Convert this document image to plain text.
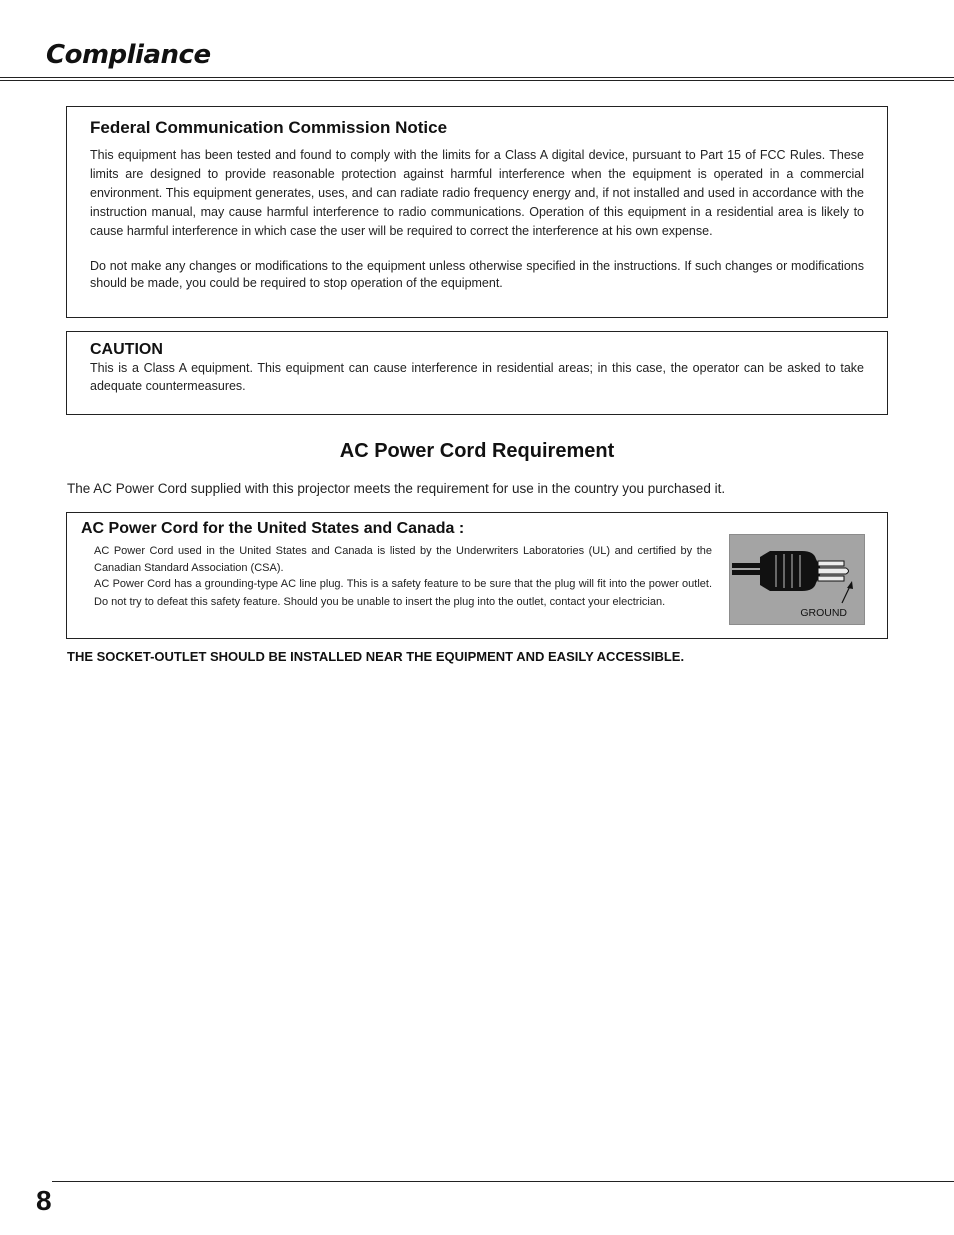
Compliance
Federal Communication Commission Notice
This equipment has been tested and found to comply with the limits for a Class A digital device, pursuant to Part 15 of FCC Rules. These limits are designed to provide reasonable protection against harmful interference when the equipment is operated in a commercial environment. This equipment generates, uses, and can radiate radio frequency energy and, if not installed and used in accordance with the instruction manual, may cause harmful interference to radio communications. Operation of this equipment in a residential area is likely to cause harmful interference in which case the user will be required to correct the interference at his own expense.
Do not make any changes or modifications to the equipment unless otherwise specified in the instructions. If such changes or modifications should be made, you could be required to stop operation of the equipment.
CAUTION
This is a Class A equipment. This equipment can cause interference in residential areas; in this case, the operator can be asked to take adequate countermeasures.
AC Power Cord Requirement
The AC Power Cord supplied with this projector meets the requirement for use in the country you purchased it.
AC Power Cord for the United States and Canada :
AC Power Cord used in the United States and Canada is listed by the Underwriters Laboratories (UL) and certified by the Canadian Standard Association (CSA).
AC Power Cord has a grounding-type AC line plug. This is a safety feature to be sure that the plug will fit into the power outlet. Do not try to defeat this safety feature. Should you be unable to insert the plug into the outlet, contact your electrician.
GROUND
THE SOCKET-OUTLET SHOULD BE INSTALLED NEAR THE EQUIPMENT AND EASILY ACCESSIBLE.
8
